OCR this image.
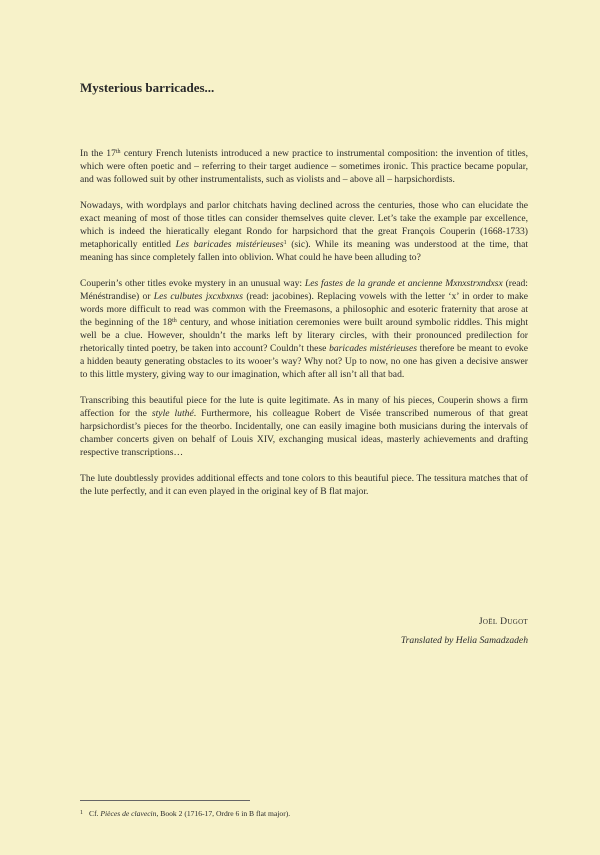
Mysterious barricades...

In the 17th century French lutenists introduced a new practice to instrumental composition: the invention of titles, which were often poetic and – referring to their target audience – sometimes ironic. This practice became popular, and was followed suit by other instrumentalists, such as violists and – above all – harpsichordists.

Nowadays, with wordplays and parlor chitchats having declined across the centuries, those who can elucidate the exact meaning of most of those titles can consider themselves quite clever. Let’s take the example par excellence, which is indeed the hieratically elegant Rondo for harpsichord that the great François Couperin (1668-1733) metaphorically entitled Les baricades mistérieuses$^1$ (sic). While its meaning was understood at the time, that meaning has since completely fallen into oblivion. What could he have been alluding to?

Couperin’s other titles evoke mystery in an unusual way: Les fastes de la grande et ancienne Mxnxstrxndxsx (read: Ménéstrandise) or Les culbutes jxcxbxnxs (read: jacobines). Replacing vowels with the letter ‘x’ in order to make words more difficult to read was common with the Freemasons, a philosophic and esoteric fraternity that arose at the beginning of the 18th century, and whose initiation ceremonies were built around symbolic riddles. This might well be a clue. However, shouldn’t the marks left by literary circles, with their pronounced predilection for rhetorically tinted poetry, be taken into account? Couldn’t these baricades mistérieuses therefore be meant to evoke a hidden beauty generating obstacles to its wooer’s way? Why not? Up to now, no one has given a decisive answer to this little mystery, giving way to our imagination, which after all isn’t all that bad.

Transcribing this beautiful piece for the lute is quite legitimate. As in many of his pieces, Couperin shows a firm affection for the style luthé. Furthermore, his colleague Robert de Visée transcribed numerous of that great harpsichordist’s pieces for the theorbo. Incidentally, one can easily imagine both musicians during the intervals of chamber concerts given on behalf of Louis XIV, exchanging musical ideas, masterly achievements and drafting respective transcriptions…

The lute doubtlessly provides additional effects and tone colors to this beautiful piece. The tessitura matches that of the lute perfectly, and it can even played in the original key of B flat major.

Joël Dugot
Translated by Helia Samadzadeh
$^1$ Cf. Pièces de clavecin, Book 2 (1716-17, Ordre 6 in B flat major).
